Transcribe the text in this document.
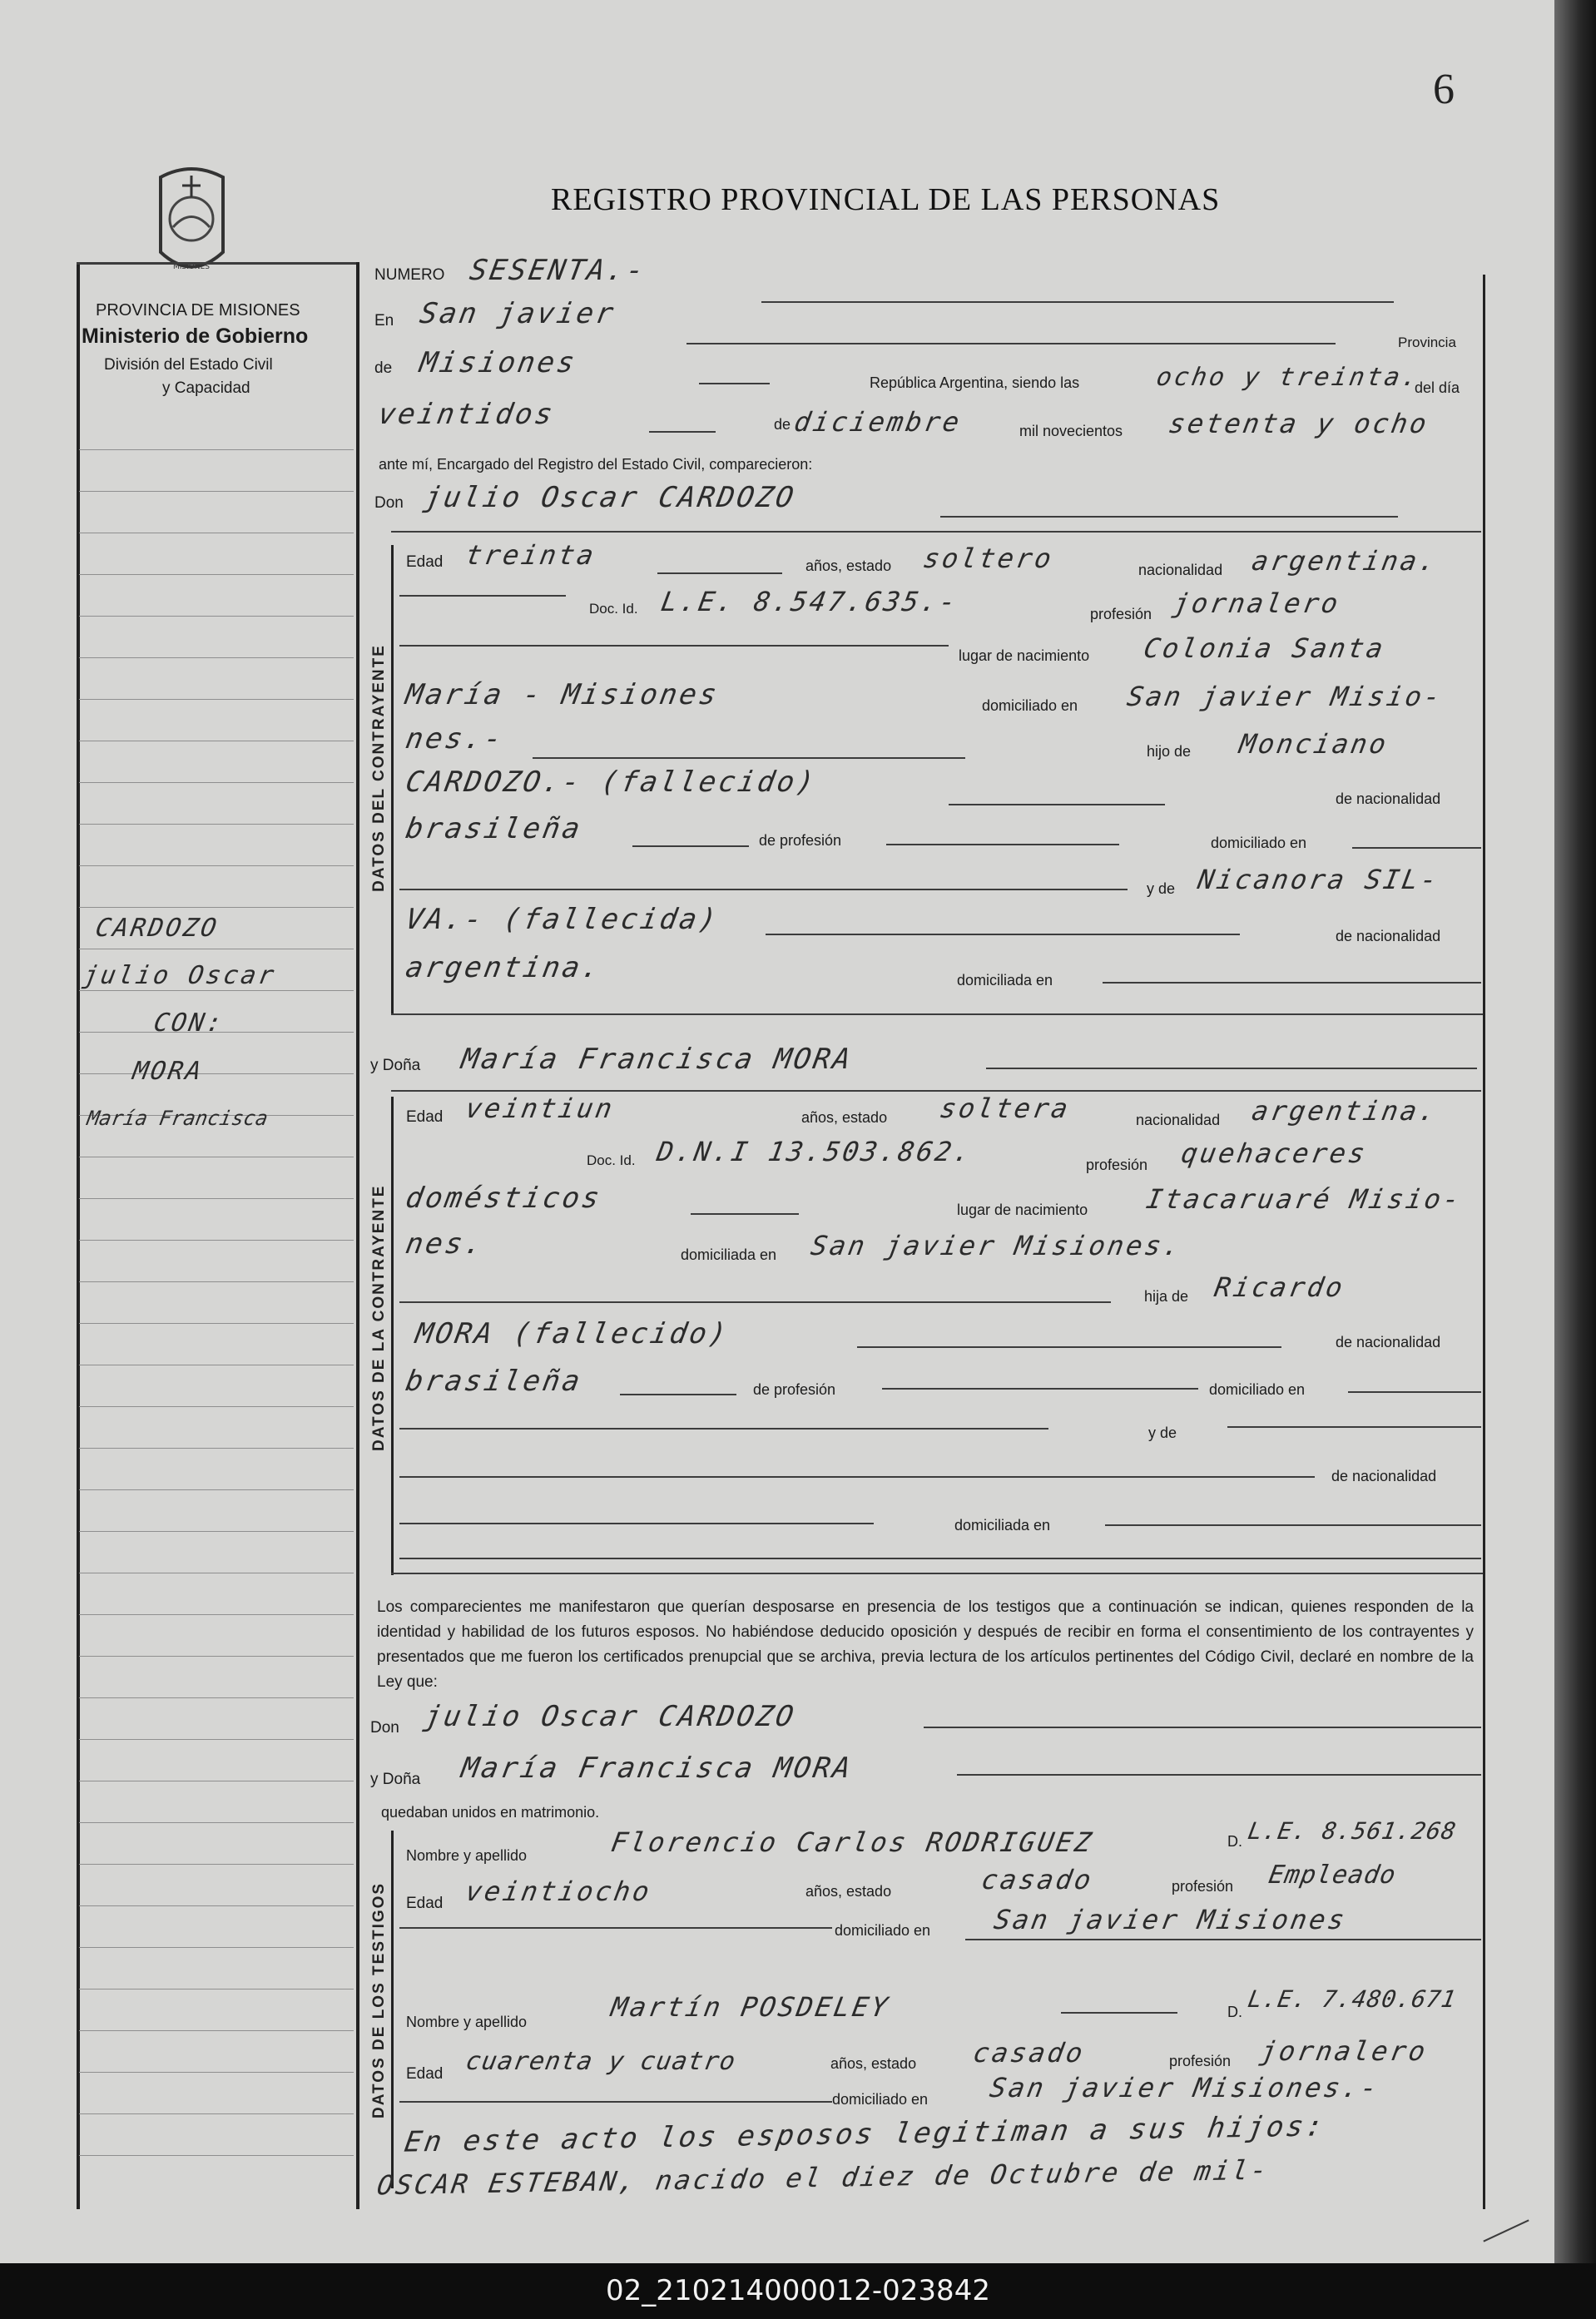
6
REGISTRO PROVINCIAL DE LAS PERSONAS
MISIONES
PROVINCIA DE MISIONES
Ministerio de Gobierno
División del Estado Civil
y Capacidad
CARDOZO
julio Oscar
CON:
MORA
María Francisca
NUMERO SESENTA.-
En San javier
Provincia
de Misiones
República Argentina, siendo las	ocho y treinta.
del día
veintidos	de diciembre	mil novecientos setenta y ocho
ante mí, Encargado del Registro del Estado Civil, comparecieron:
Don julio Oscar CARDOZO
DATOS DEL CONTRAYENTE
Edad treinta	años, estado soltero	nacionalidad argentina.
Doc. Id. L.E. 8.547.635.-	profesión jornalero
lugar de nacimiento Colonia Santa
María - Misiones	domiciliado en San javier Misio-
nes.-	hijo de Monciano
CARDOZO.- (fallecido)	de nacionalidad
brasileña	de profesión	domiciliado en
y de Nicanora SIL-
VA.- (fallecida)	de nacionalidad
argentina.	domiciliada en
y Doña María Francisca MORA
DATOS DE LA CONTRAYENTE
Edad veintiun	años, estado soltera	nacionalidad argentina.
Doc. Id. D.N.I 13.503.862.	profesión quehaceres
domésticos	lugar de nacimiento Itacaruaré Misio-
nes.	domiciliada en San javier Misiones.
hija de Ricardo
MORA (fallecido)	de nacionalidad
brasileña	de profesión	domiciliado en
y de
de nacionalidad
domiciliada en
Los comparecientes me manifestaron que querían desposarse en presencia de los testigos que a continuación se indican, quienes responden de la identidad y habilidad de los futuros esposos. No habiéndose deducido oposición y después de recibir en forma el consentimiento de los contrayentes y presentados que me fueron los certificados prenupcial que se archiva, previa lectura de los artículos pertinentes del Código Civil, declaré en nombre de la Ley que:
Don julio Oscar CARDOZO
y Doña María Francisca MORA
quedaban unidos en matrimonio.
DATOS DE LOS TESTIGOS
Nombre y apellido	Florencio Carlos RODRIGUEZ	D. L.E. 8.561.268
Edad veintiocho	años, estado	casado	profesión Empleado
domiciliado en San javier Misiones
Nombre y apellido	Martín POSDELEY	D. L.E. 7.480.671
Edad cuarenta y cuatro	años, estado casado	profesión jornalero
domiciliado en San javier Misiones.-
En este acto los esposos legitiman a sus hijos:
OSCAR ESTEBAN, nacido el diez de Octubre de mil-
02_210214000012-023842
